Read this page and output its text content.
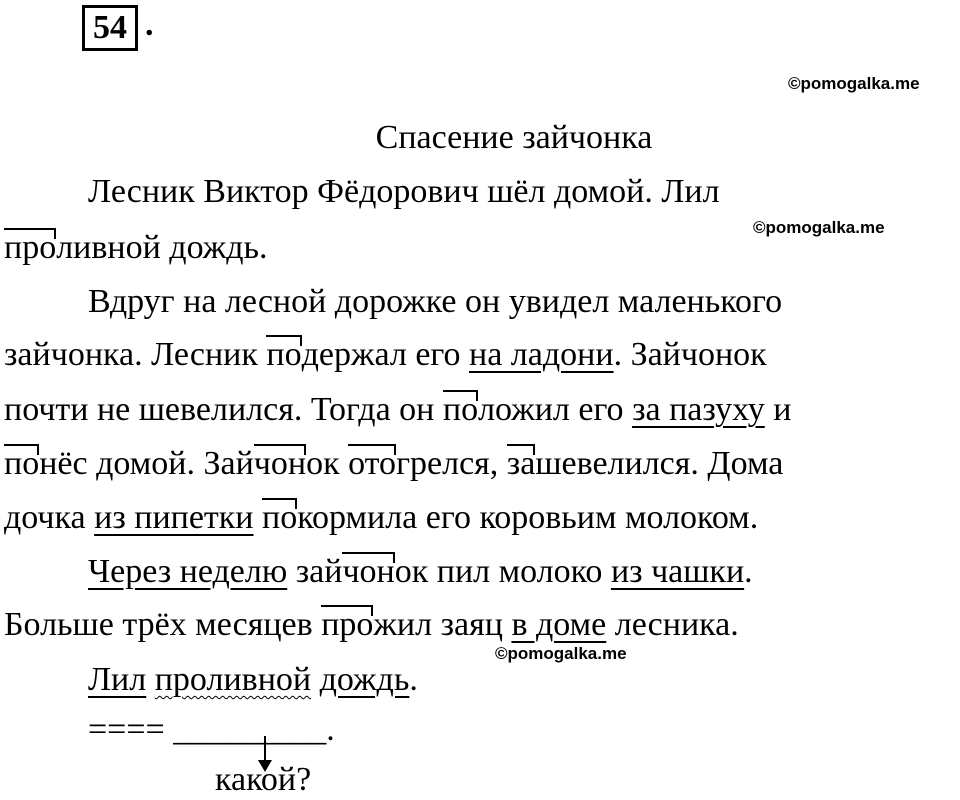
54 .
©pomogalka.me
©pomogalka.me
©pomogalka.me
Спасение зайчонка
Лесник Виктор Фёдорович шёл домой. Лил
проливной дождь.
Вдруг на лесной дорожке он увидел маленького
зайчонка. Лесник подержал его на ладони. Зайчонок
почти не шевелился. Тогда он положил его за пазуху и
понёс домой. Зайчонок отогрелся, зашевелился. Дома
дочка из пипетки покормила его коровьим молоком.
Через неделю зайчонок пил молоко из чашки.
Больше трёх месяцев прожил заяц в доме лесника.
Лил проливной дождь.
==== _________.
какой?
